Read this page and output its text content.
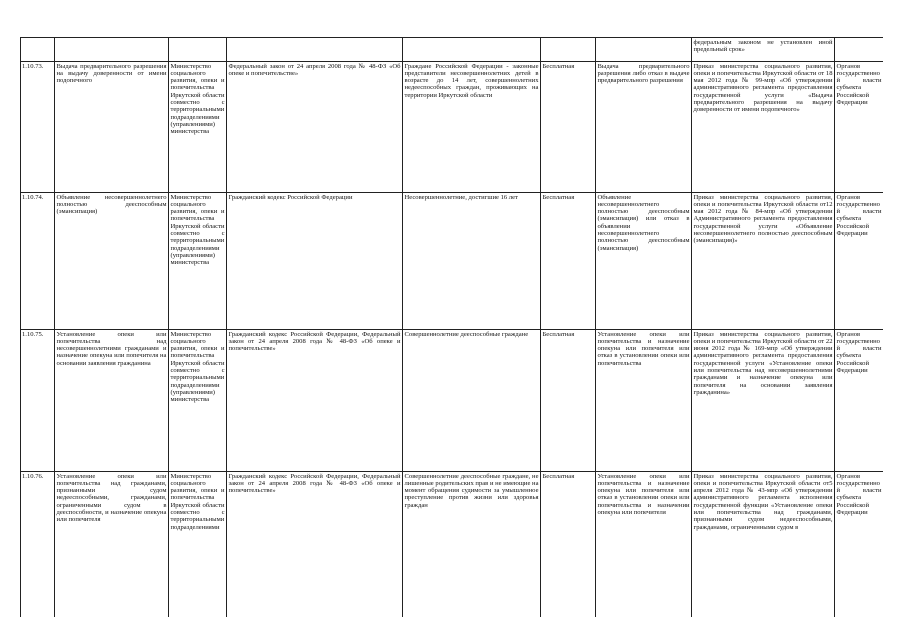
							федеральным законом не установлен иной предельный срок»	
1.10.73.	Выдача предварительного разрешения на выдачу доверенности от имени подопечного	Министерство социального развития, опеки и попечительства Иркутской области совместно с территориальными подразделениями (управлениями) министерства	Федеральный закон от 24 апреля 2008 года № 48-ФЗ «Об опеке и попечительстве»	Граждане Российской Федерации - законные представители несовершеннолетних детей в возрасте до 14 лет, совершеннолетних недееспособных граждан, проживающих на территории Иркутской области	Бесплатная	Выдача предварительного разрешения либо отказ в выдаче предварительного разрешения	Приказ министерства социального развития, опеки и попечительства Иркутской области от 18 мая 2012 года № 99-мпр «Об утверждении административного регламента предоставления государственной услуги «Выдача предварительного разрешения на выдачу доверенности от имени подопечного»	Органов государственной власти субъекта Российской Федерации
1.10.74.	Объявление несовершеннолетнего полностью дееспособным (эмансипация)	Министерство социального развития, опеки и попечительства Иркутской области совместно с территориальными подразделениями (управлениями) министерства	Гражданский кодекс Российской Федерации	Несовершеннолетние, достигшие 16 лет	Бесплатная	Объявление несовершеннолетнего полностью дееспособным (эмансипация) или отказ в объявлении несовершеннолетнего полностью дееспособным (эмансипация)	Приказ министерства социального развития, опеки и попечительства Иркутской области от12 мая 2012 года № 84-мпр «Об утверждении Административного регламента предоставления государственной услуги «Объявление несовершеннолетнего полностью дееспособным (эмансипация)»	Органов государственной власти субъекта Российской Федерации
1.10.75.	Установление опеки или попечительства над несовершеннолетними гражданами и назначение опекуна или попечителя на основании заявления гражданина	Министерство социального развития, опеки и попечительства Иркутской области совместно с территориальными подразделениями (управлениями) министерства	Гражданский кодекс Российской Федерации, Федеральный закон от 24 апреля 2008 года № 48-ФЗ «Об опеке и попечительстве»	Совершеннолетние дееспособные граждане	Бесплатная	Установление опеки или попечительства и назначение опекуна или попечителя или отказ в установлении опеки или попечительства	Приказ министерства социального развития, опеки и попечительства Иркутской области от 22 июня 2012 года № 169-мпр «Об утверждении административного регламента предоставления государственной услуги «Установление опеки или попечительства над несовершеннолетними гражданами и назначение опекуна или попечителя на основании заявления гражданина»	Органов государственной власти субъекта Российской Федерации
1.10.76.	Установление опеки или попечительства над гражданами, признанными судом недееспособными, гражданами, ограниченными судом в дееспособности, и назначение опекуна или попечителя	Министерство социального развития, опеки и попечительства Иркутской области совместно с территориальными подразделениями	Гражданский кодекс Российской Федерации, Федеральный закон от 24 апреля 2008 года № 48-ФЗ «Об опеке и попечительстве»	Совершеннолетние дееспособные граждане, не лишенные родительских прав и не имеющие на момент обращения судимости за умышленное преступление против жизни или здоровья граждан	Бесплатная	Установление опеки или попечительства и назначение опекуна или попечителя или отказ в установлении опеки или попечительства и назначении опекуна или попечителя	Приказ министерства социального развития, опеки и попечительства Иркутской области от5 апреля 2012 года № 43-мпр «Об утверждении административного регламента исполнения государственной функции «Установление опеки или попечительства над гражданами, признанными судом недееспособными, гражданами, ограниченными судом в	Органов государственной власти субъекта Российской Федерации
